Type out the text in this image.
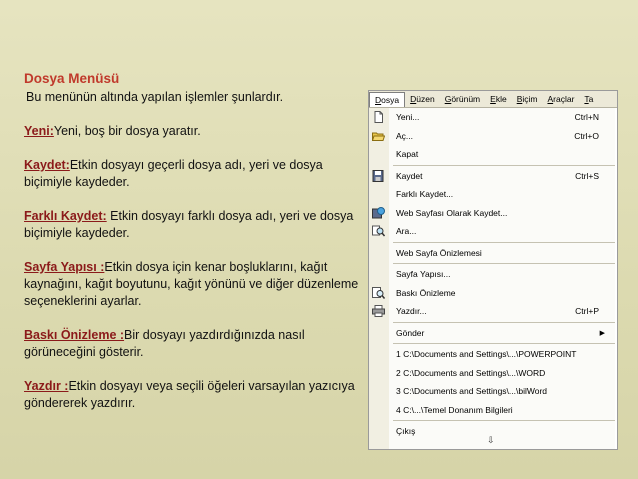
Dosya Menüsü
Bu menünün altında yapılan işlemler şunlardır.

Yeni:Yeni, boş bir dosya yaratır.

Kaydet:Etkin dosyayı geçerli dosya adı, yeri ve dosya biçimiyle kaydeder.

Farklı Kaydet: Etkin dosyayı farklı dosya adı, yeri ve dosya biçimiyle kaydeder.

Sayfa Yapısı :Etkin dosya için kenar boşluklarını, kağıt kaynağını, kağıt boyutunu, kağıt yönünü ve diğer düzenleme seçeneklerini ayarlar.

Baskı Önizleme :Bir dosyayı yazdırdığınızda nasıl görüneceğini gösterir.

Yazdır :Etkin dosyayı veya seçili öğeleri varsayılan yazıcıya göndererek yazdırır.

Dosya	Düzen	Görünüm	Ekle	Biçim	Araçlar	Ta
Yeni...	Ctrl+N
Aç...	Ctrl+O
Kapat
Kaydet	Ctrl+S
Farklı Kaydet...
Web Sayfası Olarak Kaydet...
Ara...
Web Sayfa Önizlemesi
Sayfa Yapısı...
Baskı Önizleme
Yazdır...	Ctrl+P
Gönder	▶
1 C:\Documents and Settings\...\POWERPOINT
2 C:\Documents and Settings\...\WORD
3 C:\Documents and Settings\...\bilWord
4 C:\...\Temel Donanım Bilgileri
Çıkış
⇩
